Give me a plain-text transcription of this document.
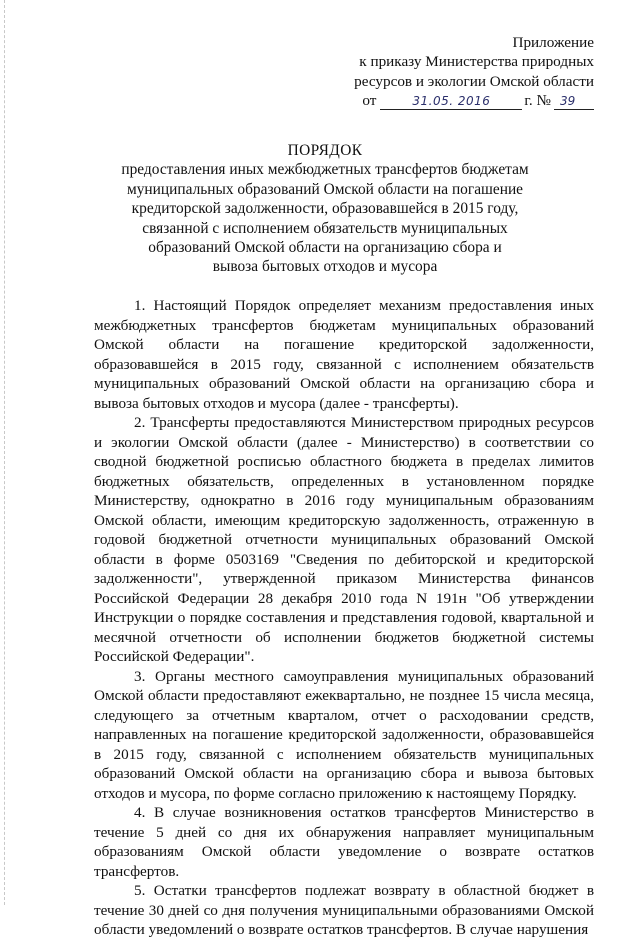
Приложение
к приказу Министерства природных
ресурсов и экологии Омской области
от	31.05. 2016	г. № 39
ПОРЯДОК
предоставления иных межбюджетных трансфертов бюджетам
муниципальных образований Омской области на погашение
кредиторской задолженности, образовавшейся в 2015 году,
связанной с исполнением обязательств муниципальных
образований Омской области на организацию сбора и
вывоза бытовых отходов и мусора

1. Настоящий Порядок определяет механизм предоставления иных межбюджетных трансфертов бюджетам муниципальных образований Омской области на погашение кредиторской задолженности, образовавшейся в 2015 году, связанной с исполнением обязательств муниципальных образований Омской области на организацию сбора и вывоза бытовых отходов и мусора (далее - трансферты).

2. Трансферты предоставляются Министерством природных ресурсов и экологии Омской области (далее - Министерство) в соответствии со сводной бюджетной росписью областного бюджета в пределах лимитов бюджетных обязательств, определенных в установленном порядке Министерству, однократно в 2016 году муниципальным образованиям Омской области, имеющим кредиторскую задолженность, отраженную в годовой бюджетной отчетности муниципальных образований Омской области в форме 0503169 "Сведения по дебиторской и кредиторской задолженности", утвержденной приказом Министерства финансов Российской Федерации 28 декабря 2010 года N 191н "Об утверждении Инструкции о порядке составления и представления годовой, квартальной и месячной отчетности об исполнении бюджетов бюджетной системы Российской Федерации".

3. Органы местного самоуправления муниципальных образований Омской области предоставляют ежеквартально, не позднее 15 числа месяца, следующего за отчетным кварталом, отчет о расходовании средств, направленных на погашение кредиторской задолженности, образовавшейся в 2015 году, связанной с исполнением обязательств муниципальных образований Омской области на организацию сбора и вывоза бытовых отходов и мусора, по форме согласно приложению к настоящему Порядку.

4. В случае возникновения остатков трансфертов Министерство в течение 5 дней со дня их обнаружения направляет муниципальным образованиям Омской области уведомление о возврате остатков трансфертов.

5. Остатки трансфертов подлежат возврату в областной бюджет в течение 30 дней со дня получения муниципальными образованиями Омской области уведомлений о возврате остатков трансфертов. В случае нарушения
